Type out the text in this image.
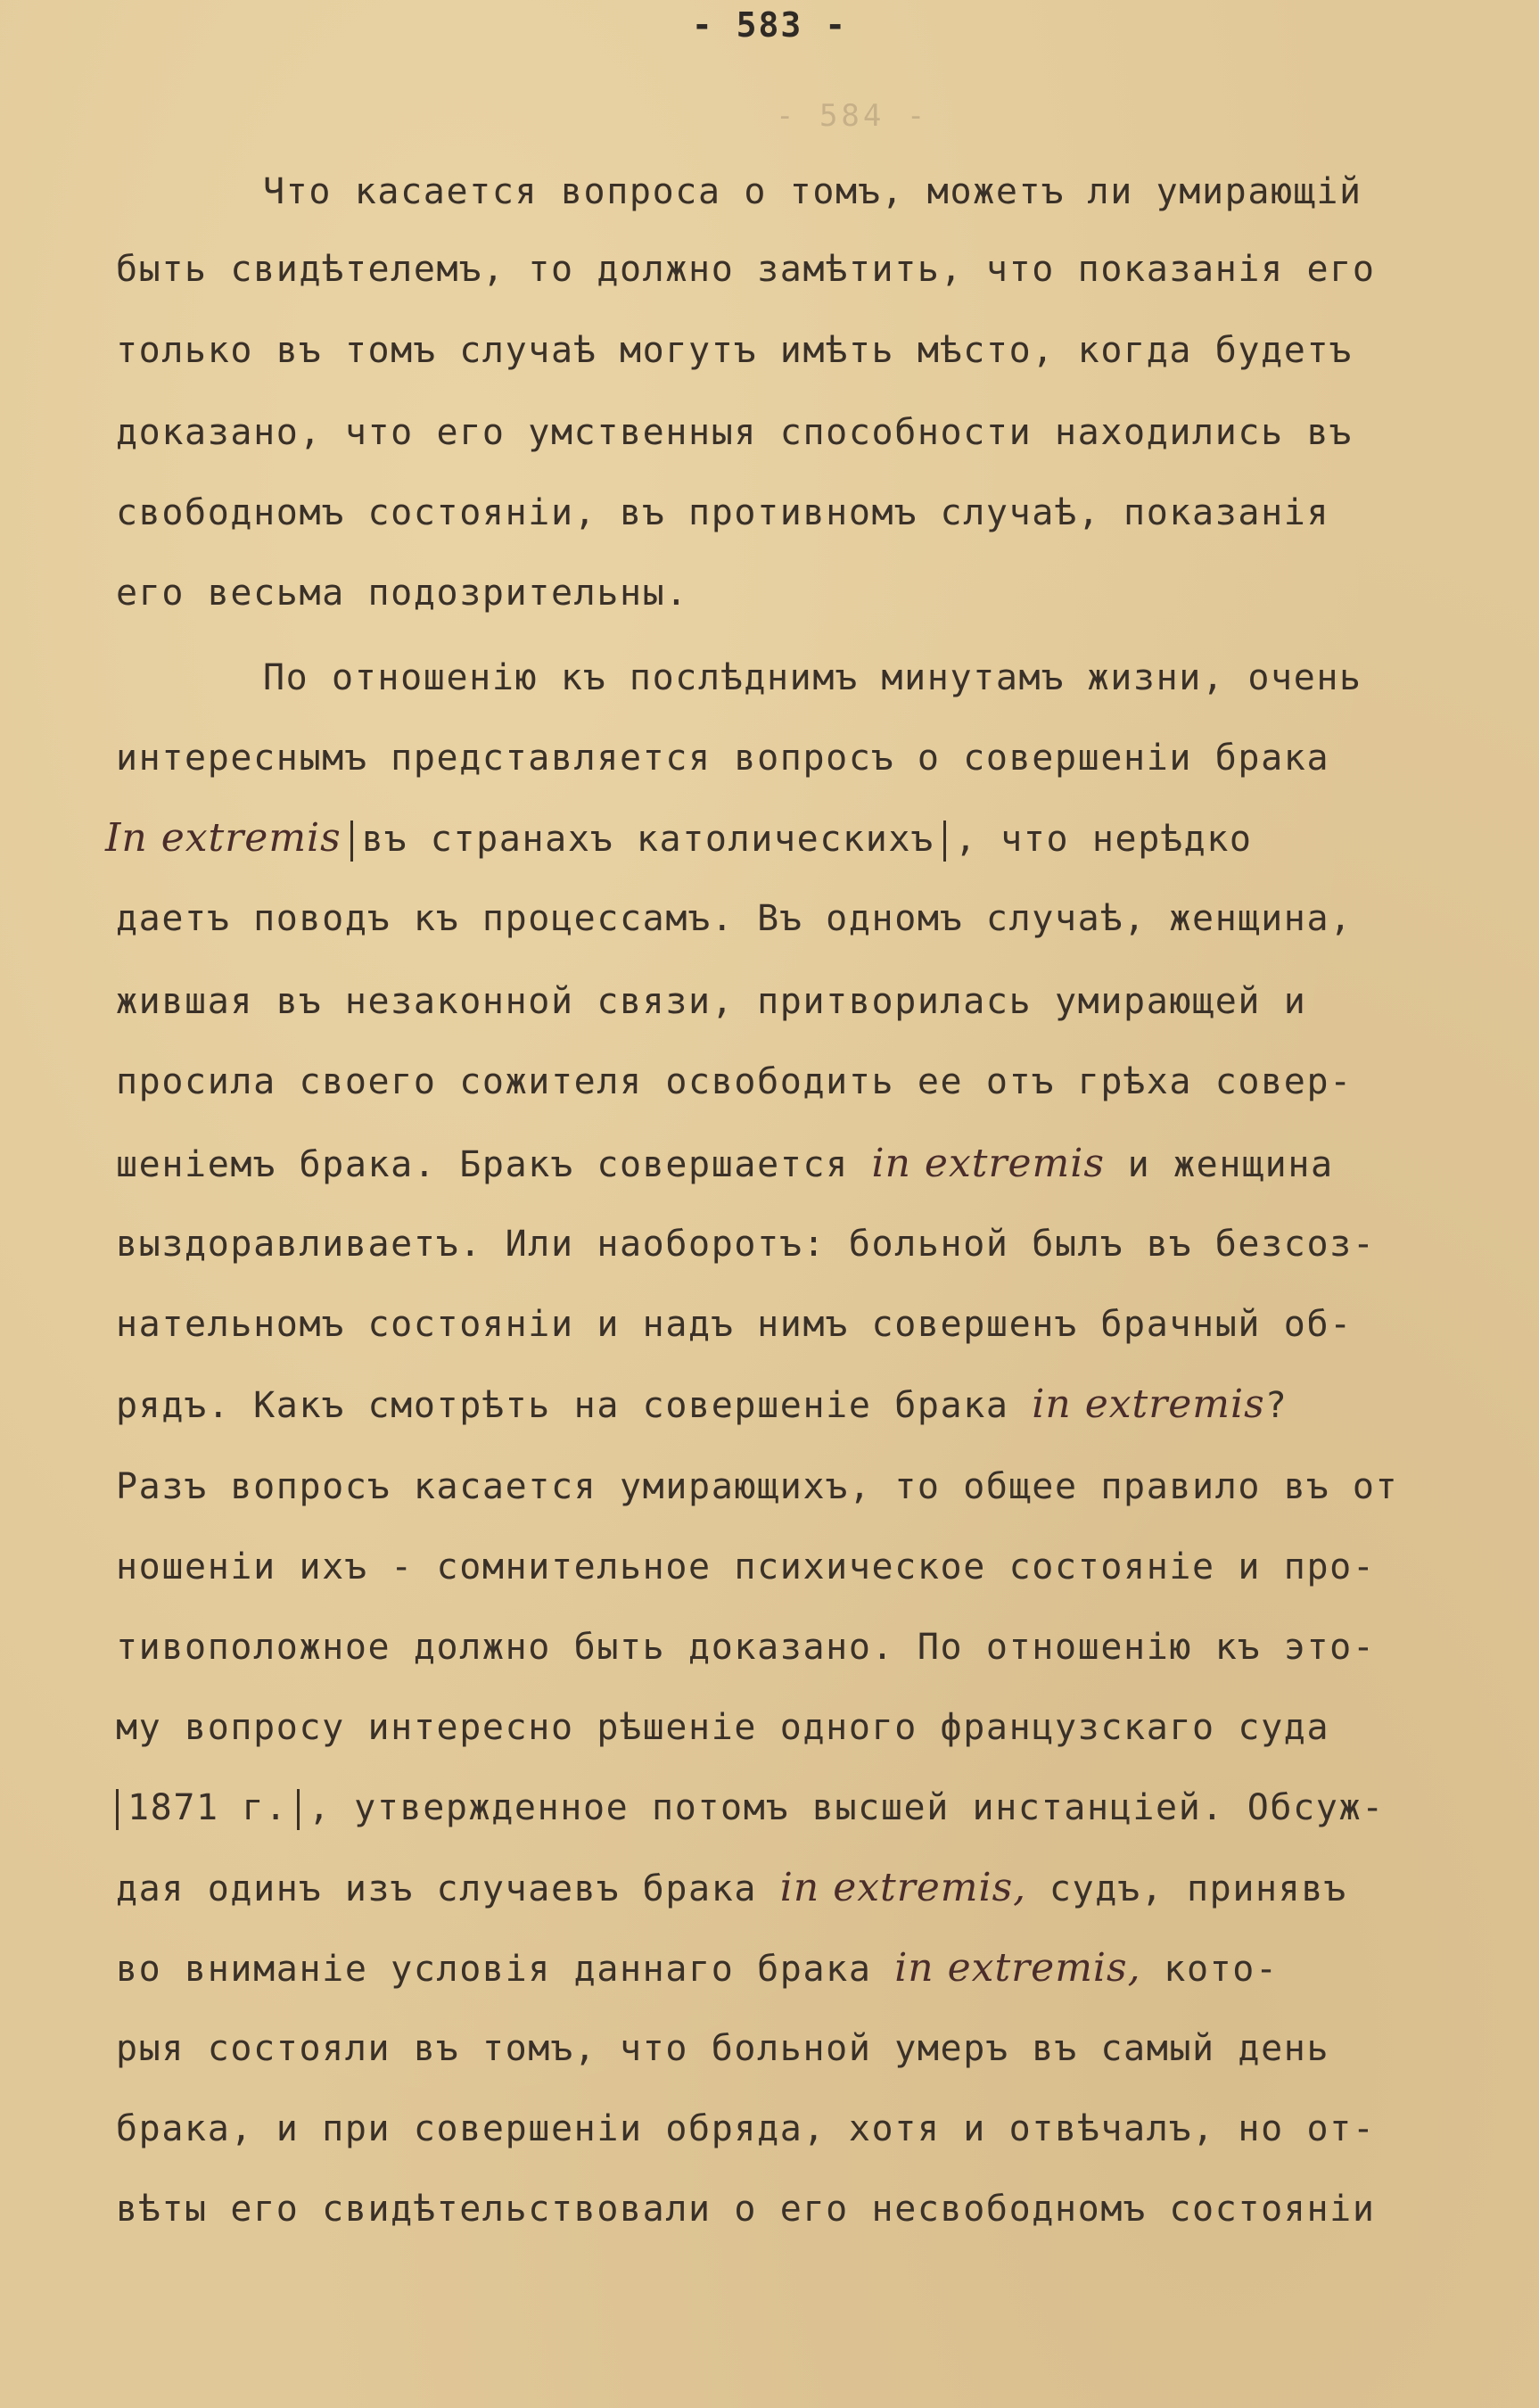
- 583 -
- 584 -
Что касается вопроса о томъ, можетъ ли умирающій
быть свидѣтелемъ, то должно замѣтить, что показанія его
только въ томъ случаѣ могутъ имѣть мѣсто, когда будетъ
доказано, что его умственныя способности находились въ
свободномъ состояніи, въ противномъ случаѣ, показанія
его весьма подозрительны.
По отношенію къ послѣднимъ минутамъ жизни, очень
интереснымъ представляется вопросъ о совершеніи брака
In extremis въ странахъ католическихъ , что нерѣдко
даетъ поводъ къ процессамъ. Въ одномъ случаѣ, женщина,
жившая въ незаконной связи, притворилась умирающей и
просила своего сожителя освободить ее отъ грѣха совер-
шеніемъ брака. Бракъ совершается in extremis и женщина
выздоравливаетъ. Или наоборотъ: больной былъ въ безсоз-
нательномъ состояніи и надъ нимъ совершенъ брачный об-
рядъ. Какъ смотрѣть на совершеніе брака in extremis?
Разъ вопросъ касается умирающихъ, то общее правило въ от
ношеніи ихъ - сомнительное психическое состояніе и про-
тивоположное должно быть доказано. По отношенію къ это-
му вопросу интересно рѣшеніе одного французскаго суда
1871 г. , утвержденное потомъ высшей инстанціей. Обсуж-
дая одинъ изъ случаевъ брака in extremis, судъ, принявъ
во вниманіе условія даннаго брака in extremis, кото-
рыя состояли въ томъ, что больной умеръ въ самый день
брака, и при совершеніи обряда, хотя и отвѣчалъ, но от-
вѣты его свидѣтельствовали о его несвободномъ состояніи
